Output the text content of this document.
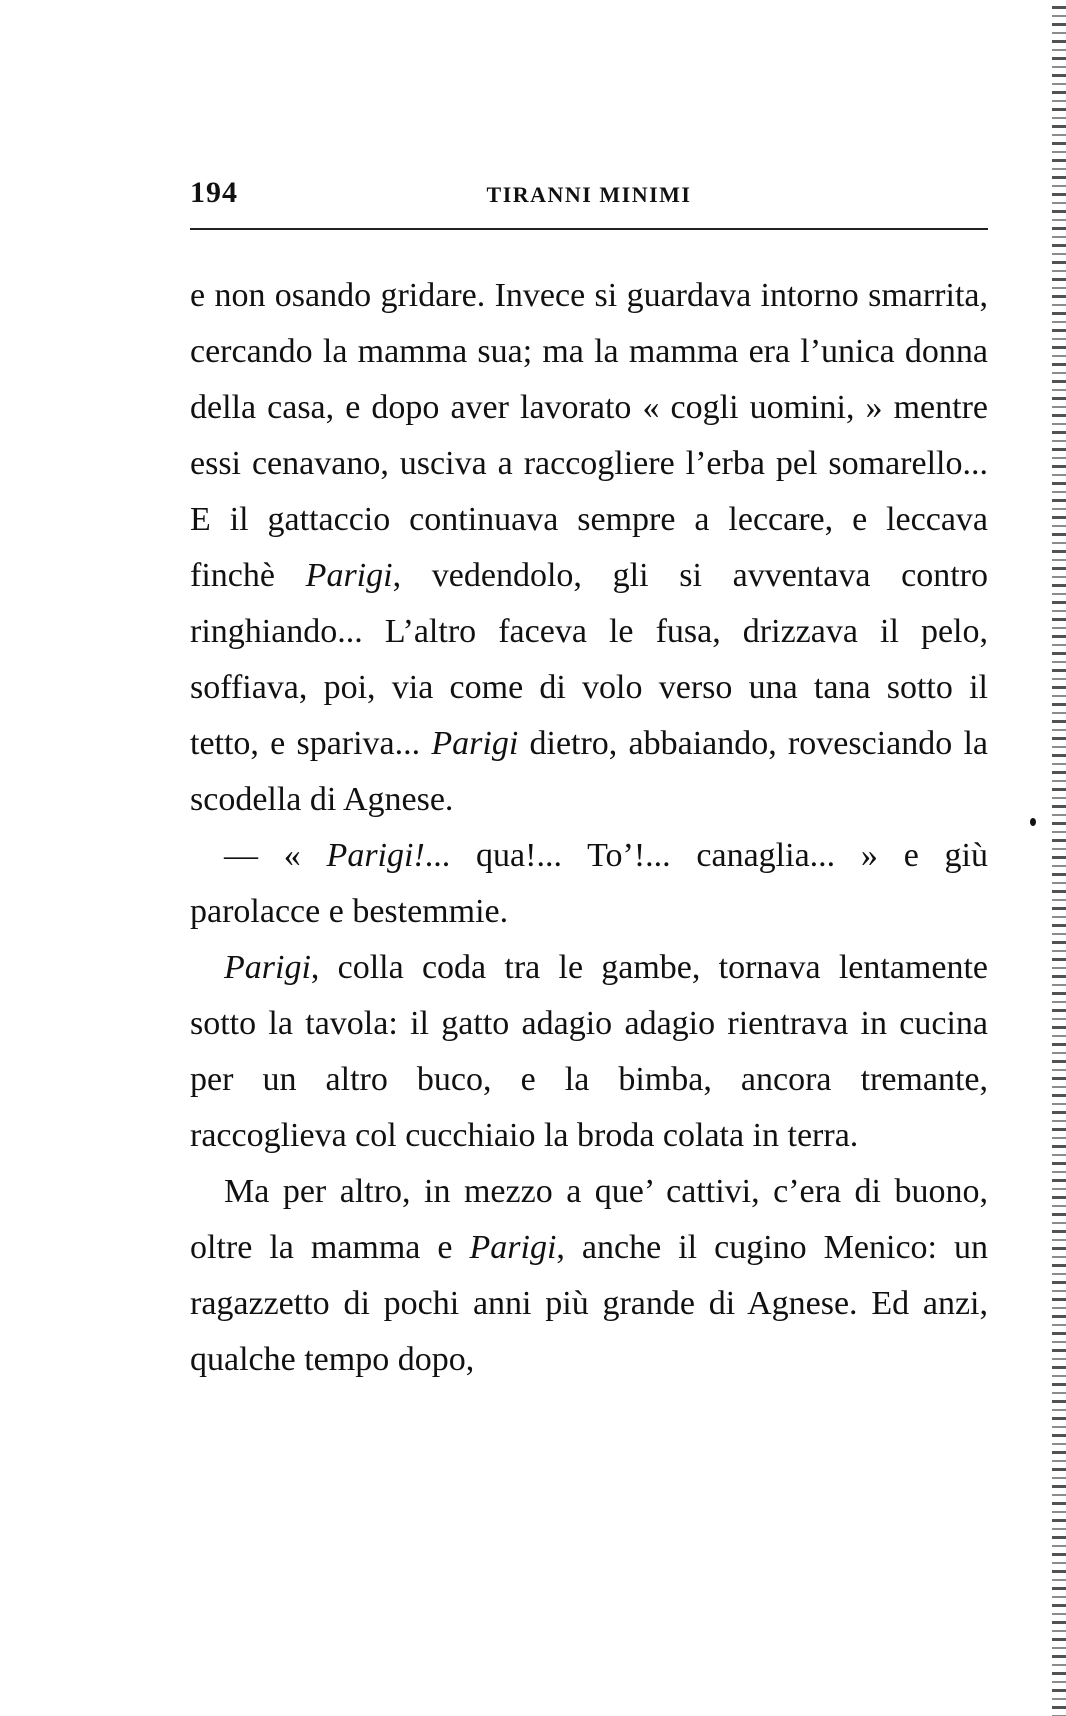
194	TIRANNI MINIMI

e non osando gridare. Invece si guardava intorno smarrita, cercando la mamma sua; ma la mamma era l’unica donna della casa, e dopo aver lavorato « cogli uomini, » mentre essi cenavano, usciva a raccogliere l’erba pel somarello... E il gattaccio continuava sempre a leccare, e leccava finchè Parigi, vedendolo, gli si avventava contro ringhiando... L’altro faceva le fusa, drizzava il pelo, soffiava, poi, via come di volo verso una tana sotto il tetto, e spariva... Parigi dietro, abbaiando, rovesciando la scodella di Agnese.

— « Parigi!... qua!... To’!... canaglia... » e giù parolacce e bestemmie.

Parigi, colla coda tra le gambe, tornava lentamente sotto la tavola: il gatto adagio adagio rientrava in cucina per un altro buco, e la bimba, ancora tremante, raccoglieva col cucchiaio la broda colata in terra.

Ma per altro, in mezzo a que’ cattivi, c’era di buono, oltre la mamma e Parigi, anche il cugino Menico: un ragazzetto di pochi anni più grande di Agnese. Ed anzi, qualche tempo dopo,
